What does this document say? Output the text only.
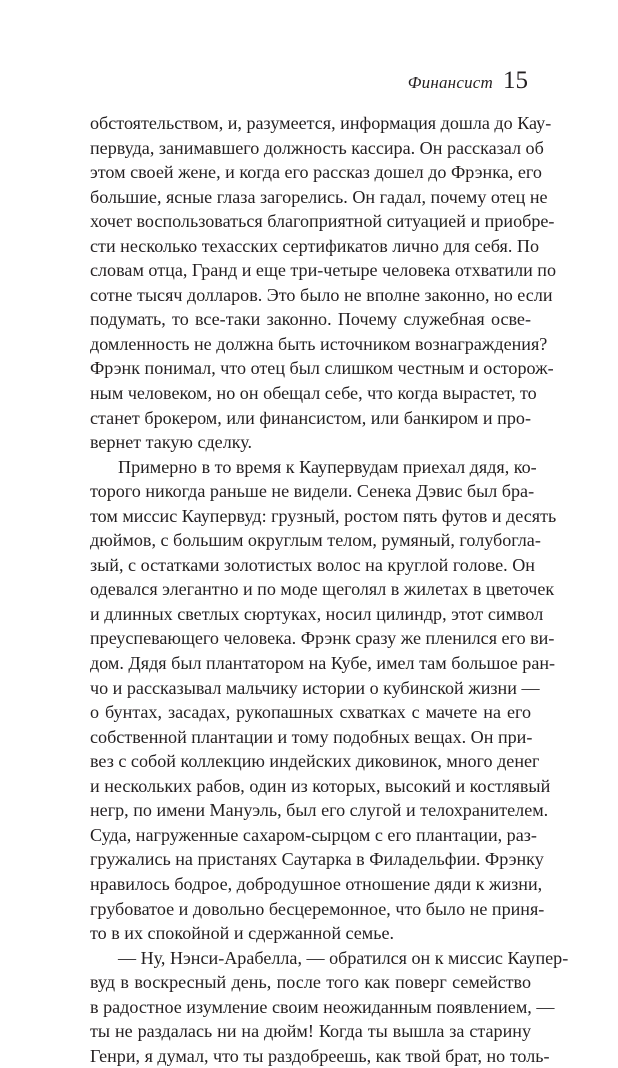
Финансист 15
обстоятельством, и, разумеется, информация дошла до Кау-
первуда, занимавшего должность кассира. Он рассказал об
этом своей жене, и когда его рассказ дошел до Фрэнка, его
большие, ясные глаза загорелись. Он гадал, почему отец не
хочет воспользоваться благоприятной ситуацией и приобре-
сти несколько техасских сертификатов лично для себя. По
словам отца, Гранд и еще три-четыре человека отхватили по
сотне тысяч долларов. Это было не вполне законно, но если
подумать, то все-таки законно. Почему служебная осве-
домленность не должна быть источником вознаграждения?
Фрэнк понимал, что отец был слишком честным и осторож-
ным человеком, но он обещал себе, что когда вырастет, то
станет брокером, или финансистом, или банкиром и про-
вернет такую сделку.
Примерно в то время к Каупервудам приехал дядя, ко-
торого никогда раньше не видели. Сенека Дэвис был бра-
том миссис Каупервуд: грузный, ростом пять футов и десять
дюймов, с большим округлым телом, румяный, голубогла-
зый, с остатками золотистых волос на круглой голове. Он
одевался элегантно и по моде щеголял в жилетах в цветочек
и длинных светлых сюртуках, носил цилиндр, этот символ
преуспевающего человека. Фрэнк сразу же пленился его ви-
дом. Дядя был плантатором на Кубе, имел там большое ран-
чо и рассказывал мальчику истории о кубинской жизни —
о бунтах, засадах, рукопашных схватках с мачете на его
собственной плантации и тому подобных вещах. Он при-
вез с собой коллекцию индейских диковинок, много денег
и нескольких рабов, один из которых, высокий и костлявый
негр, по имени Мануэль, был его слугой и телохранителем.
Суда, нагруженные сахаром-сырцом с его плантации, раз-
гружались на пристанях Саутарка в Филадельфии. Фрэнку
нравилось бодрое, добродушное отношение дяди к жизни,
грубоватое и довольно бесцеремонное, что было не приня-
то в их спокойной и сдержанной семье.
— Ну, Нэнси-Арабелла, — обратился он к миссис Каупер-
вуд в воскресный день, после того как поверг семейство
в радостное изумление своим неожиданным появлением, —
ты не раздалась ни на дюйм! Когда ты вышла за старину
Генри, я думал, что ты раздобреешь, как твой брат, но толь-
